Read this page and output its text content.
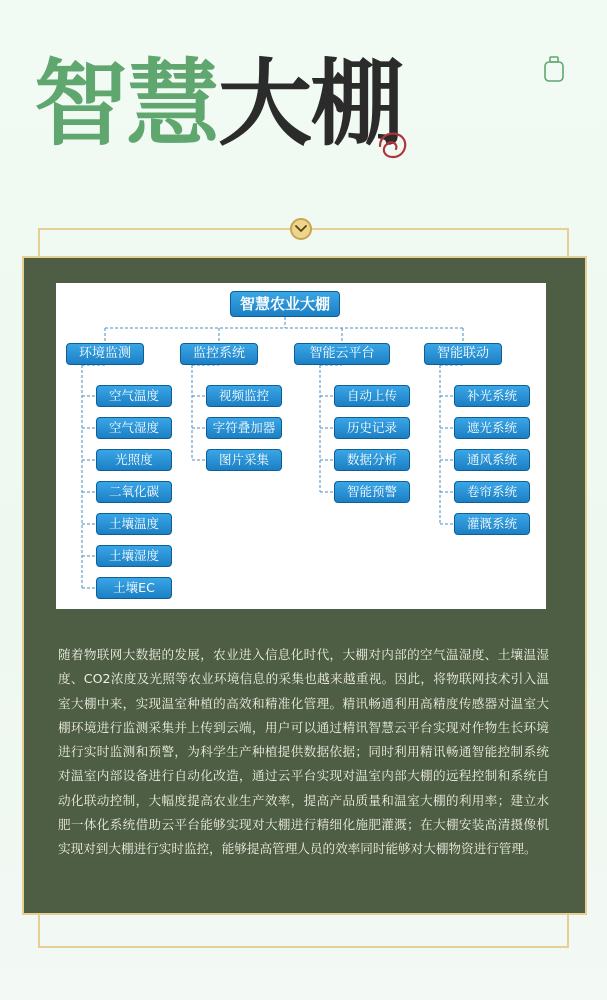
智慧大棚
智慧农业大棚
环境监测
空气温度
空气湿度
光照度
二氧化碳
土壤温度
土壤湿度
土壤EC
监控系统
视频监控
字符叠加器
图片采集
智能云平台
自动上传
历史记录
数据分析
智能预警
智能联动
补光系统
遮光系统
通风系统
卷帘系统
灌溉系统

随着物联网大数据的发展，农业进入信息化时代，大棚对内部的空气温湿度、土壤温湿度、CO2浓度及光照等农业环境信息的采集也越来越重视。因此，将物联网技术引入温室大棚中来，实现温室种植的高效和精准化管理。精讯畅通利用高精度传感器对温室大棚环境进行监测采集并上传到云端，用户可以通过精讯智慧云平台实现对作物生长环境进行实时监测和预警，为科学生产种植提供数据依据；同时利用精讯畅通智能控制系统对温室内部设备进行自动化改造，通过云平台实现对温室内部大棚的远程控制和系统自动化联动控制，大幅度提高农业生产效率，提高产品质量和温室大棚的利用率；建立水肥一体化系统借助云平台能够实现对大棚进行精细化施肥灌溉；在大棚安装高清摄像机实现对到大棚进行实时监控，能够提高管理人员的效率同时能够对大棚物资进行管理。
